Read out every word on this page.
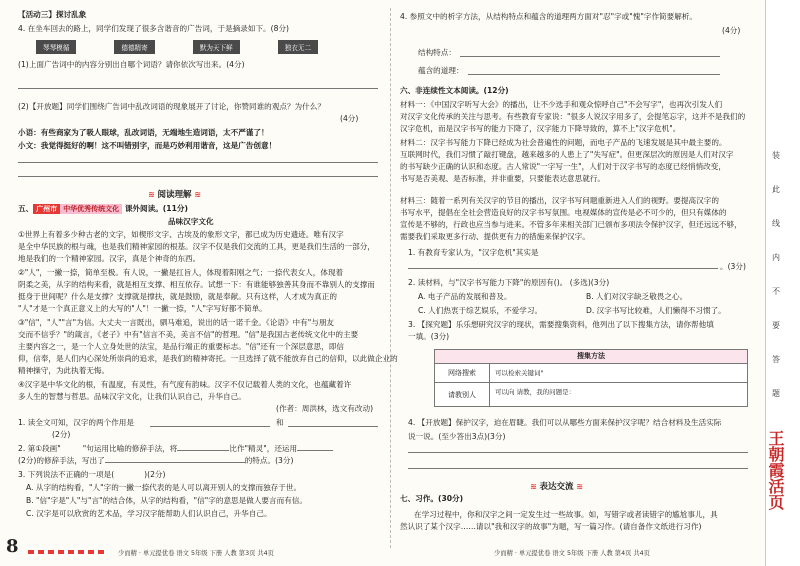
【活动三】探讨乱象
4. 在坐车回去的路上，同学们发现了很多含谐音的广告词，于是摘录如下。(8分)
琴琴模循	德德精寄	默为天下鲜	独衣无二
(1)上面广告词中的内容分别出自哪个词语？请你依次写出来。(4分)
(2)【开放题】同学们围绕广告词中乱改词语的现象展开了讨论，你赞同谁的观点？为什么？
(4分)
小语：有些商家为了吸人眼球，乱改词语，无端地生造词语，太不严谨了！
小文：我觉得挺好的啊！这不叫错别字，而是巧妙利用谐音，这是广告创意！
≋ 阅读理解 ≋
五、 广州市 中华优秀传统文化 课外阅读。(11分)
品味汉字文化
①世界上有着多少种古老的文字，如楔形文字、古埃及的象形文字，都已成为历史遗迹。唯有汉字
是全中华民族的根与魂，也是我们精神家园的根基。汉字不仅是我们交流的工具，更是我们生活的一部分，
地是我们的一个精神家园。汉字，真是个神奇的东西。
②"人"，一撇一捺，简单至极。有人说，一撇是扛旨人，体现着阳刚之气；一捺代表女人，体现着
阴柔之美，从字的结构来看，就是相互支撑、相互依存。试想一下：有谁能够独善其身而不靠别人的支撑而
挺身于世间呢？什么是支撑？支撑就是撑扶，就是鼓励，就是奉献。只有这样，人才成为真正的
"人"才是一个真正意义上的大写的"人"！一撇一捺，"人"字写好都不简单。
③"信"，"人""言"为信。大丈夫一言既出，驷马难追，说出的话一诺千金。《论语》中有"与朋友
交而不信乎？"的箴言，《老子》中有"信言不美，美言不信"的哲理。"信"是我国古老传统文化中的主要
主要内容之一，是一个人立身处世的法宝，是品行端正的重要标志。"信"还有一个深层意思，即信
仰，信奉，是人们内心深处所崇尚的追求，是我们的精神寄托。一旦选择了就不能放弃自己的信仰，以此做企业的
精神操守，为此执着无悔。
④汉字是中华文化的根，有温度，有灵性，有气度有韵味。汉字不仅记载着人类的文化，也蕴藏着许
多人生的智慧与哲思。品味汉字文化，让我们认识自己，升华自己。
(作者：周洪林，选文有改动)
1. 读全文可知，汉字的两个作用是	和
(2分)
2. 第①段画"	"句运用比喻的修辞手法，将	比作"精灵"，还运用
(2分)的修辞手法，写出了	的特点。(3分)
3. 下列说法不正确的一项是(	)(2分)
A. 从字的结构看，"人"字的一撇一捺代表的是人可以离开别人的支撑而独存于世。
B. "信"字是"人"与"言"的结合体，从字的结构看，"信"字的意思是做人要言而有信。
C. 汉字是可以欣赏的艺术品，学习汉字能帮助人们认识自己，升华自己。
8	少而精 · 单元提优卷 语文 5年级 下册 人教 第3页 共4页
4. 参照文中的析字方法，从结构特点和蕴含的道理两方面对"忍"字或"愧"字作简要解析。
(4分)
结构特点：
蕴含的道理：
六、非连续性文本阅读。(12分)
材料一：《中国汉字听写大会》的播出，让不少选手和观众惊呼自己"不会写字"，也再次引发人们
对汉字文化传承的关注与思考。有些教育专家说："很多人说汉字用多了，会提笔忘字，这并不是我们的
汉字危机，而是汉字书写的能力下降了，汉字能力下降导致的，算不上"汉字危机"。
材料二：汉字书写能力下降已经成为社会普遍性的问题，而电子产品的飞速发展是其中最主要的。
互联网时代，我们习惯了敲打键盘，越来越多的人患上了"失写症"。但更深层次的原因是人们对汉字
的书写缺少正确的认识和态度。古人常说"一字写一生"，人们对于汉字书写的态度已经悄悄改变，
书写是否美观、是否标准，并非重要，只要能表达意思就行。
材料三：随着一系列有关汉字的节目的播出，汉字书写问题重新进入人们的视野。要提高汉字的
书写水平，提倡在全社会营造良好的汉字书写氛围。电视媒体的宣传是必不可少的，但只有媒体的
宣传是不够的，行政也应当参与进来。不管多年来相关部门已颁布多项法令保护汉字，但还远远不够，
需要我们采取更多行动、提供更有力的措施来保护汉字。
1. 有教育专家认为，"汉字危机"其实是
。(3分)
2. 读材料，与"汉字书写能力下降"的原因有()。 (多选)(3分)
A. 电子产品的发展和普及。	B. 人们对汉字缺乏敬畏之心。
C. 人们热衷于综艺娱乐，不爱学习。	D. 汉字书写比较难，人们懒得不习惯了。
3. 【探究题】乐乐想研究汉字的现状，需要搜集资料，他列出了以下搜集方法，请你帮他填
一填。(3分)
搜集方法
网络搜索	可以检索关键词"
请教别人	可以向 请教，我的问题是：
4. 【开放题】保护汉字，迫在眉睫。我们可以从哪些方面来保护汉字呢？结合材料及生活实际
说一说。(至少答出3点)(3分)
≋ 表达交流 ≋
七、习作。(30分)
在学习过程中，你和汉字之间一定发生过一些故事。如，写错字或者读错字的尴尬事儿，具
然认识了某个汉字……请以"我和汉字的故事"为题，写一篇习作。(请自备作文纸进行习作)
少而精 · 单元提优卷 语文 5年级 下册 人教 第4页 共4页
装
此
线
内
不
要
答
题
王朝霞活页
